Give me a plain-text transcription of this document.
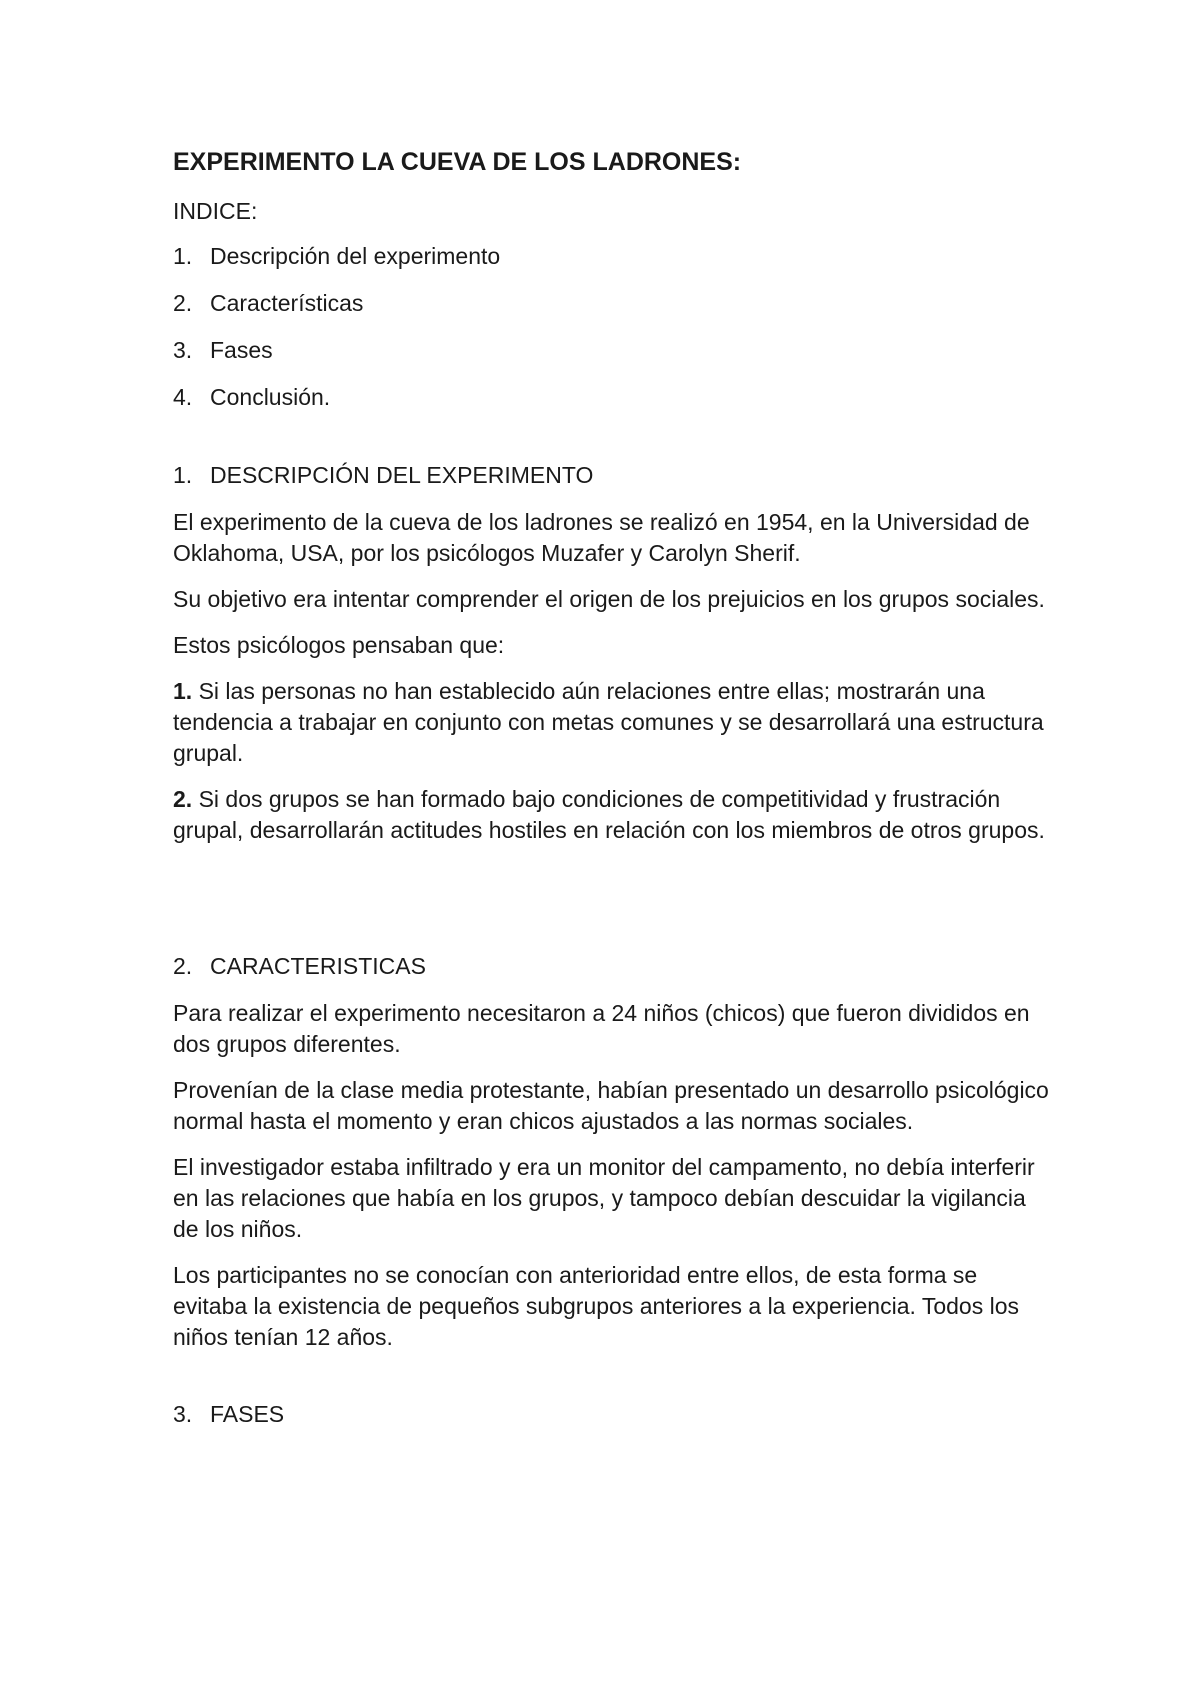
EXPERIMENTO LA CUEVA DE LOS LADRONES:
INDICE:
1. Descripción del experimento
2. Características
3. Fases
4. Conclusión.
1. DESCRIPCIÓN DEL EXPERIMENTO

El experimento de la cueva de los ladrones se realizó en 1954, en la Universidad de Oklahoma, USA, por los psicólogos Muzafer y Carolyn Sherif.

Su objetivo era intentar comprender el origen de los prejuicios en los grupos sociales.

Estos psicólogos pensaban que:

1. Si las personas no han establecido aún relaciones entre ellas; mostrarán una tendencia a trabajar en conjunto con metas comunes y se desarrollará una estructura grupal.

2. Si dos grupos se han formado bajo condiciones de competitividad y frustración grupal, desarrollarán actitudes hostiles en relación con los miembros de otros grupos.

2. CARACTERISTICAS

Para realizar el experimento necesitaron a 24 niños (chicos) que fueron divididos en dos grupos diferentes.

Provenían de la clase media protestante, habían presentado un desarrollo psicológico normal hasta el momento y eran chicos ajustados a las normas sociales.

El investigador estaba infiltrado y era un monitor del campamento, no debía interferir en las relaciones que había en los grupos, y tampoco debían descuidar la vigilancia de los niños.

Los participantes no se conocían con anterioridad entre ellos, de esta forma se evitaba la existencia de pequeños subgrupos anteriores a la experiencia. Todos los niños tenían 12 años.

3. FASES
